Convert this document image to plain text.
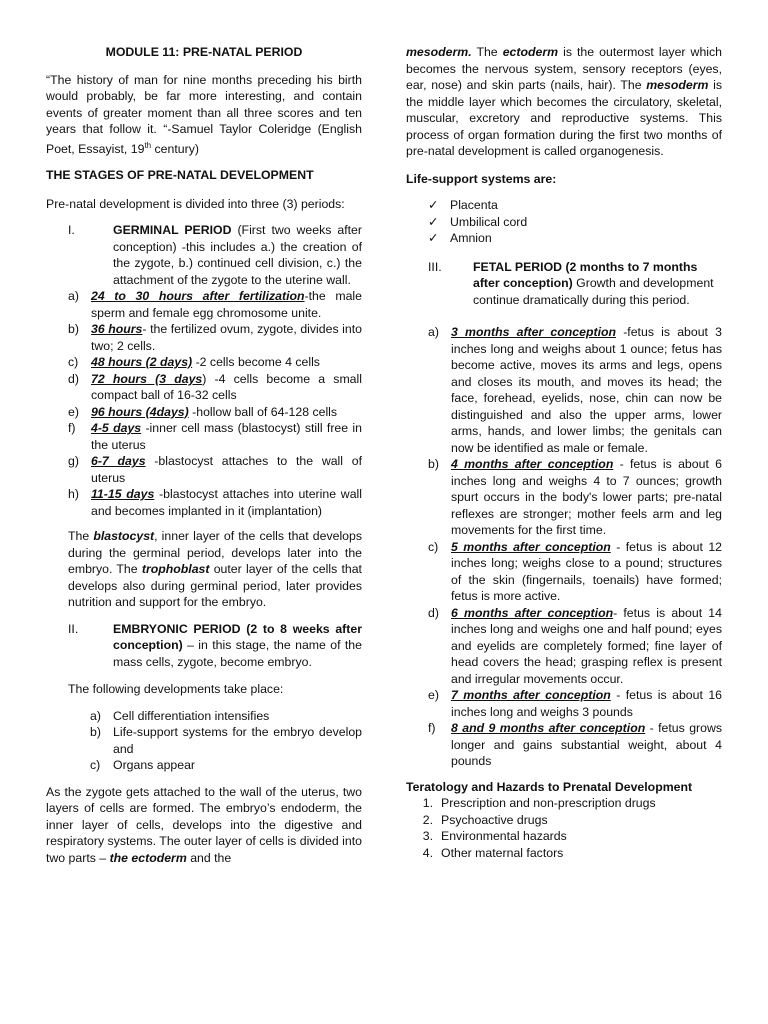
MODULE 11: PRE-NATAL PERIOD

“The history of man for nine months preceding his birth would probably, be far more interesting, and contain events of greater moment than all three scores and ten years that follow it. “-Samuel Taylor Coleridge (English Poet, Essayist, 19th century)

THE STAGES OF PRE-NATAL DEVELOPMENT

Pre-natal development is divided into three (3) periods:

I.	GERMINAL PERIOD (First two weeks after conception) -this includes a.) the creation of the zygote, b.) continued cell division, c.) the attachment of the zygote to the uterine wall.

a) 24 to 30 hours after fertilization-the male sperm and female egg chromosome unite.

b) 36 hours- the fertilized ovum, zygote, divides into two; 2 cells.

c)	48 hours (2 days) -2 cells become 4 cells

d) 72 hours (3 days) -4 cells become a small compact ball of 16-32 cells

e) 96 hours (4days) -hollow ball of 64-128 cells

f)	4-5 days -inner cell mass (blastocyst) still free in the uterus

g) 6-7 days -blastocyst attaches to the wall of uterus

h) 11-15 days -blastocyst attaches into uterine wall and becomes implanted in it (implantation)

The blastocyst, inner layer of the cells that develops during the germinal period, develops later into the embryo. The trophoblast outer layer of the cells that develops also during germinal period, later provides nutrition and support for the embryo.

II.	EMBRYONIC PERIOD (2 to 8 weeks after conception) – in this stage, the name of the mass cells, zygote, become embryo.

The following developments take place:

a) Cell differentiation intensifies

b) Life-support systems for the embryo develop and

c)	Organs appear

As the zygote gets attached to the wall of the uterus, two layers of cells are formed. The embryo’s endoderm, the inner layer of cells, develops into the digestive and respiratory systems. The outer layer of cells is divided into two parts – the ectoderm and the

mesoderm. The ectoderm is the outermost layer which becomes the nervous system, sensory receptors (eyes, ear, nose) and skin parts (nails, hair). The mesoderm is the middle layer which becomes the circulatory, skeletal, muscular, excretory and reproductive systems. This process of organ formation during the first two months of pre-natal development is called organogenesis.

Life-support systems are:

✓ Placenta
✓ Umbilical cord
✓ Amnion
III.	FETAL PERIOD (2 months to 7 months after conception) Growth and development continue dramatically during this period.

a) 3 months after conception -fetus is about 3 inches long and weighs about 1 ounce; fetus has become active, moves its arms and legs, opens and closes its mouth, and moves its head; the face, forehead, eyelids, nose, chin can now be distinguished and also the upper arms, lower arms, hands, and lower limbs; the genitals can now be identified as male or female.

b) 4 months after conception - fetus is about 6 inches long and weighs 4 to 7 ounces; growth spurt occurs in the body's lower parts; pre-natal reflexes are stronger; mother feels arm and leg movements for the first time.

c)	5 months after conception - fetus is about 12 inches long; weighs close to a pound; structures of the skin (fingernails, toenails) have formed; fetus is more active.

d) 6 months after conception- fetus is about 14 inches long and weighs one and half pound; eyes and eyelids are completely formed; fine layer of head covers the head; grasping reflex is present and irregular movements occur.

e) 7 months after conception - fetus is about 16 inches long and weighs 3 pounds

f)	8 and 9 months after conception - fetus grows longer and gains substantial weight, about 4 pounds

Teratology and Hazards to Prenatal Development

1. Prescription and non-prescription drugs
2. Psychoactive drugs
3. Environmental hazards
4. Other maternal factors
